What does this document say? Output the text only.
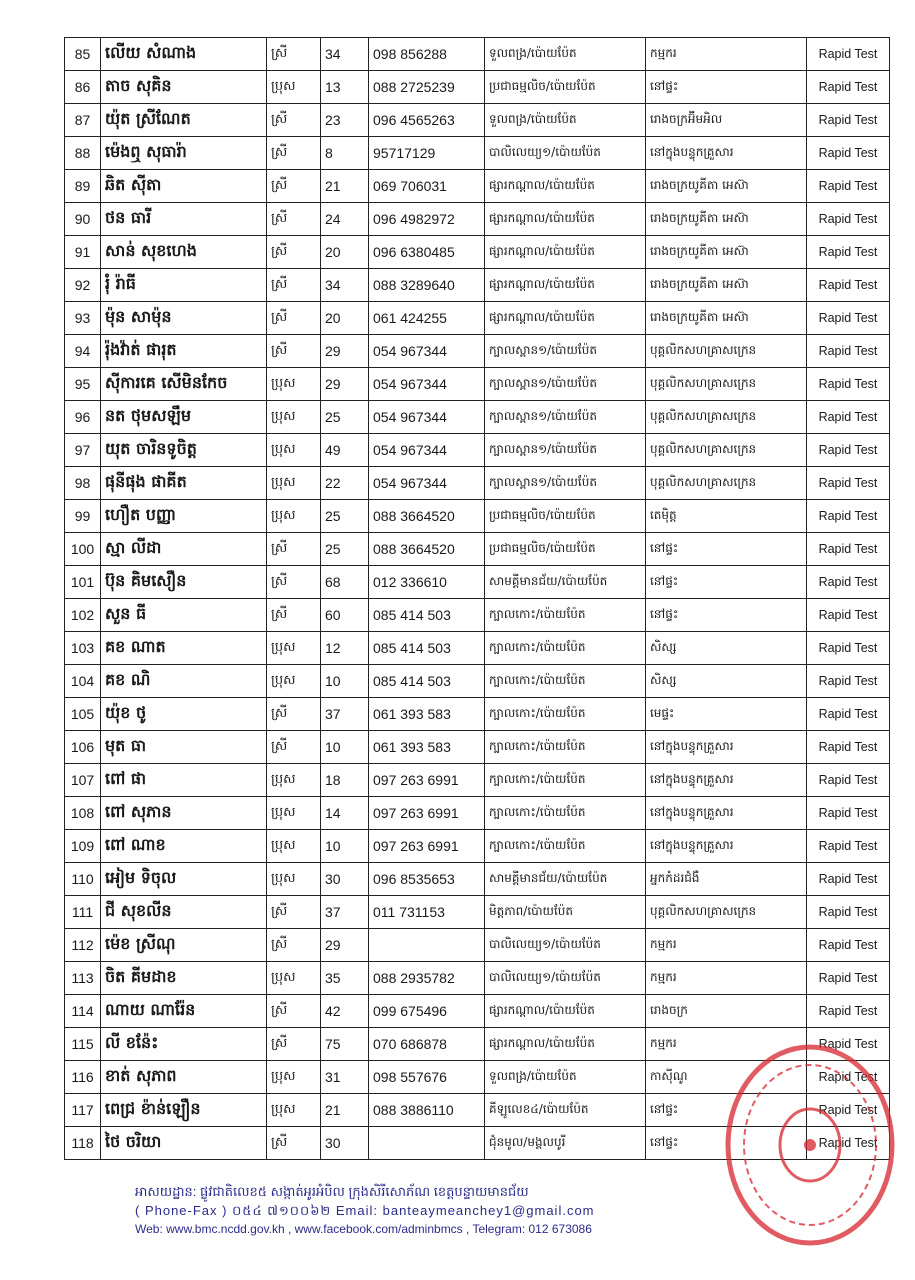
85	លើយ សំណាង	ស្រី	34	098 856288	ទួលពង្រ/ប៉ោយប៉ែត	កម្មករ	Rapid Test
86	តាច សុគិន	ប្រុស	13	088 2725239	ប្រជាធម្មលិច/ប៉ោយប៉ែត	នៅផ្ទះ	Rapid Test
87	យ៉ុត ស្រីណែត	ស្រី	23	096 4565263	ទួលពង្រ/ប៉ោយប៉ែត	រោងចក្រអ៊ីមអិល	Rapid Test
88	ម៉េងឮ សុធារ៉ា	ស្រី	8	95717129	បាលិលេយ្យ១/ប៉ោយប៉ែត	នៅក្នុងបន្ទុកគ្រួសារ	Rapid Test
89	ឆិត ស៊ីតា	ស្រី	21	069 706031	ផ្សារកណ្តាល/ប៉ោយប៉ែត	រោងចក្រយូគីតា អេស៊ា	Rapid Test
90	ថន ធារី	ស្រី	24	096 4982972	ផ្សារកណ្តាល/ប៉ោយប៉ែត	រោងចក្រយូគីតា អេស៊ា	Rapid Test
91	សាន់ សុខហេង	ស្រី	20	096 6380485	ផ្សារកណ្តាល/ប៉ោយប៉ែត	រោងចក្រយូគីតា អេស៊ា	Rapid Test
92	រុំ រ៉ាធី	ស្រី	34	088 3289640	ផ្សារកណ្តាល/ប៉ោយប៉ែត	រោងចក្រយូគីតា អេស៊ា	Rapid Test
93	ម៉ុន សាម៉ុន	ស្រី	20	061 424255	ផ្សារកណ្តាល/ប៉ោយប៉ែត	រោងចក្រយូគីតា អេស៊ា	Rapid Test
94	រ៉ុងវ៉ាត់ ផារុត	ស្រី	29	054 967344	ក្បាលស្ពាន១/ប៉ោយប៉ែត	បុគ្គលិកសហគ្រាសក្រេន	Rapid Test
95	ស៊ីការគេ សើមិនកែច	ប្រុស	29	054 967344	ក្បាលស្ពាន១/ប៉ោយប៉ែត	បុគ្គលិកសហគ្រាសក្រេន	Rapid Test
96	នត ថុមសឡឹម	ប្រុស	25	054 967344	ក្បាលស្ពាន១/ប៉ោយប៉ែត	បុគ្គលិកសហគ្រាសក្រេន	Rapid Test
97	យុត ចារិនទូចិត្ត	ប្រុស	49	054 967344	ក្បាលស្ពាន១/ប៉ោយប៉ែត	បុគ្គលិកសហគ្រាសក្រេន	Rapid Test
98	ផុនីផុង ផាគីត	ប្រុស	22	054 967344	ក្បាលស្ពាន១/ប៉ោយប៉ែត	បុគ្គលិកសហគ្រាសក្រេន	Rapid Test
99	ហឿត បញ្ញា	ប្រុស	25	088 3664520	ប្រជាធម្មលិច/ប៉ោយប៉ែត	តេម៉ិត្ត	Rapid Test
100	ស្មា លីដា	ស្រី	25	088 3664520	ប្រជាធម្មលិច/ប៉ោយប៉ែត	នៅផ្ទះ	Rapid Test
101	ប៊ុន គិមសឿន	ស្រី	68	012 336610	សាមគ្គីមានជ័យ/ប៉ោយប៉ែត	នៅផ្ទះ	Rapid Test
102	សួន ធី	ស្រី	60	085 414 503	ក្បាលកោះ/ប៉ោយប៉ែត	នៅផ្ទះ	Rapid Test
103	គខ ណាត	ប្រុស	12	085 414 503	ក្បាលកោះ/ប៉ោយប៉ែត	សិស្ស	Rapid Test
104	គខ ណិ	ប្រុស	10	085 414 503	ក្បាលកោះ/ប៉ោយប៉ែត	សិស្ស	Rapid Test
105	យ៉ុខ ថូ	ស្រី	37	061 393 583	ក្បាលកោះ/ប៉ោយប៉ែត	មេផ្ទះ	Rapid Test
106	មុត ធា	ស្រី	10	061 393 583	ក្បាលកោះ/ប៉ោយប៉ែត	នៅក្នុងបន្ទុកគ្រួសារ	Rapid Test
107	ពៅ ផា	ប្រុស	18	097 263 6991	ក្បាលកោះ/ប៉ោយប៉ែត	នៅក្នុងបន្ទុកគ្រួសារ	Rapid Test
108	ពៅ សុភាន	ប្រុស	14	097 263 6991	ក្បាលកោះ/ប៉ោយប៉ែត	នៅក្នុងបន្ទុកគ្រួសារ	Rapid Test
109	ពៅ ណាខ	ប្រុស	10	097 263 6991	ក្បាលកោះ/ប៉ោយប៉ែត	នៅក្នុងបន្ទុកគ្រួសារ	Rapid Test
110	អៀម ទិចុល	ប្រុស	30	096 8535653	សាមគ្គីមានជ័យ/ប៉ោយប៉ែត	អ្នកកំដរជំងឺ	Rapid Test
111	ជី សុខលីន	ស្រី	37	011 731153	មិត្តភាព/ប៉ោយប៉ែត	បុគ្គលិកសហគ្រាសក្រេន	Rapid Test
112	ម៉េខ ស្រីណុ	ស្រី	29		បាលិលេយ្យ១/ប៉ោយប៉ែត	កម្មករ	Rapid Test
113	ចិត គីមដាខ	ប្រុស	35	088 2935782	បាលិលេយ្យ១/ប៉ោយប៉ែត	កម្មករ	Rapid Test
114	ណាយ ណារ៉ែន	ស្រី	42	099 675496	ផ្សារកណ្តាល/ប៉ោយប៉ែត	រោងចក្រ	Rapid Test
115	លី ខន៉ែះ	ស្រី	75	070 686878	ផ្សារកណ្តាល/ប៉ោយប៉ែត	កម្មករ	Rapid Test
116	ខាត់ សុភាព	ប្រុស	31	098 557676	ទួលពង្រ/ប៉ោយប៉ែត	កាស៊ីណូ	Rapid Test
117	ពេជ្រ ខ៉ាន់ឡឿន	ប្រុស	21	088 3886110	គីឡូលេខ៤/ប៉ោយប៉ែត	នៅផ្ទះ	Rapid Test
118	ថៃ ចរិយា	ស្រី	30		ជុំនមូល/មង្គលបូរី	នៅផ្ទះ	Rapid Test
អាសយដ្ឋាន: ផ្លូវជាតិលេខ៥ សង្កាត់អូរអំបិល ក្រុងសិរីសោភ័ណ ខេត្តបន្ទាយមានជ័យ
( Phone-Fax ) ០៥៤ ៧១០០៦២ Email: banteaymeanchey1@gmail.com
Web: www.bmc.ncdd.gov.kh , www.facebook.com/adminbmcs , Telegram: 012 673086
